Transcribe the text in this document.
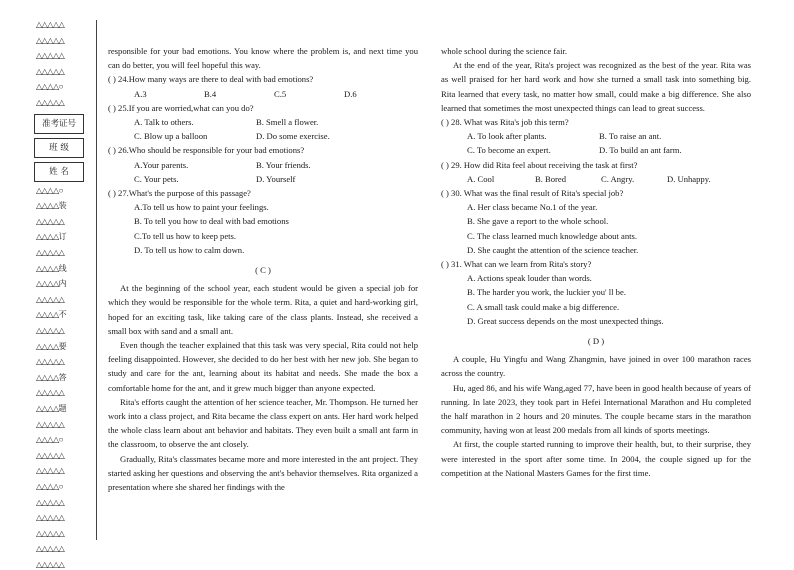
△△△△△
△△△△△
△△△△△
△△△△△
△△△△○
△△△△△
准考证号
班 级
姓 名
△△△△○
△△△△装
△△△△△
△△△△订
△△△△△
△△△△线
△△△△内
△△△△△
△△△△不
△△△△△
△△△△要
△△△△△
△△△△答
△△△△△
△△△△题
△△△△△
△△△△○
△△△△△
△△△△△
△△△△○
△△△△△
△△△△△
△△△△△
△△△△△
△△△△△

responsible for your bad emotions. You know where the problem is, and next time you can do better, you will feel hopeful this way.

( ) 24.How many ways are there to deal with bad emotions?

A.3	B.4	C.5	D.6

( ) 25.If you are worried,what can you do?

A. Talk to others.	B. Smell a flower.
C. Blow up a balloon	D. Do some exercise.

( ) 26.Who should be responsible for your bad emotions?

A.Your parents.	B. Your friends.
C. Your pets.	D. Yourself

( ) 27.What's the purpose of this passage?

A.To tell us how to paint your feelings.

B. To tell you how to deal with bad emotions

C.To tell us how to keep pets.

D. To tell us how to calm down.

( C )

At the beginning of the school year, each student would be given a special job for which they would be responsible for the whole term. Rita, a quiet and hard-working girl, hoped for an exciting task, like taking care of the class plants. Instead, she received a small box with sand and a small ant.

Even though the teacher explained that this task was very special, Rita could not help feeling disappointed. However, she decided to do her best with her new job. She began to study and care for the ant, learning about its habitat and needs. She made the box a comfortable home for the ant, and it grew much bigger than anyone expected.

Rita's efforts caught the attention of her science teacher, Mr. Thompson. He turned her work into a class project, and Rita became the class expert on ants. Her hard work helped the whole class learn about ant behavior and habitats. They even built a small ant farm in the classroom, to observe the ant closely.

Gradually, Rita's classmates became more and more interested in the ant project. They started asking her questions and observing the ant's behavior themselves. Rita organized a presentation where she shared her findings with the

whole school during the science fair.

At the end of the year, Rita's project was recognized as the best of the year. Rita was as well praised for her hard work and how she turned a small task into something big. Rita learned that every task, no matter how small, could make a big difference. She also learned that sometimes the most unexpected things can lead to great success.

( ) 28. What was Rita's job this term?

A. To look after plants.	B. To raise an ant.
C. To become an expert.	D. To build an ant farm.

( ) 29. How did Rita feel about receiving the task at first?

A. Cool	B. Bored	C. Angry.	D. Unhappy.

( ) 30. What was the final result of Rita's special job?

A. Her class became No.1 of the year.

B. She gave a report to the whole school.

C. The class learned much knowledge about ants.

D. She caught the attention of the science teacher.

( ) 31. What can we learn from Rita's story?

A. Actions speak louder than words.

B. The harder you work, the luckier you' ll be.

C. A small task could make a big difference.

D. Great success depends on the most unexpected things.

( D )

A couple, Hu Yingfu and Wang Zhangmin, have joined in over 100 marathon races across the country.

Hu, aged 86, and his wife Wang,aged 77, have been in good health because of years of running. In late 2023, they took part in Hefei International Marathon and Hu completed the half marathon in 2 hours and 20 minutes. The couple became stars in the marathon community, having won at least 200 medals from all kinds of sports meetings.

At first, the couple started running to improve their health, but, to their surprise, they were interested in the sport after some time. In 2004, the couple signed up for the competition at the National Masters Games for the first time.
